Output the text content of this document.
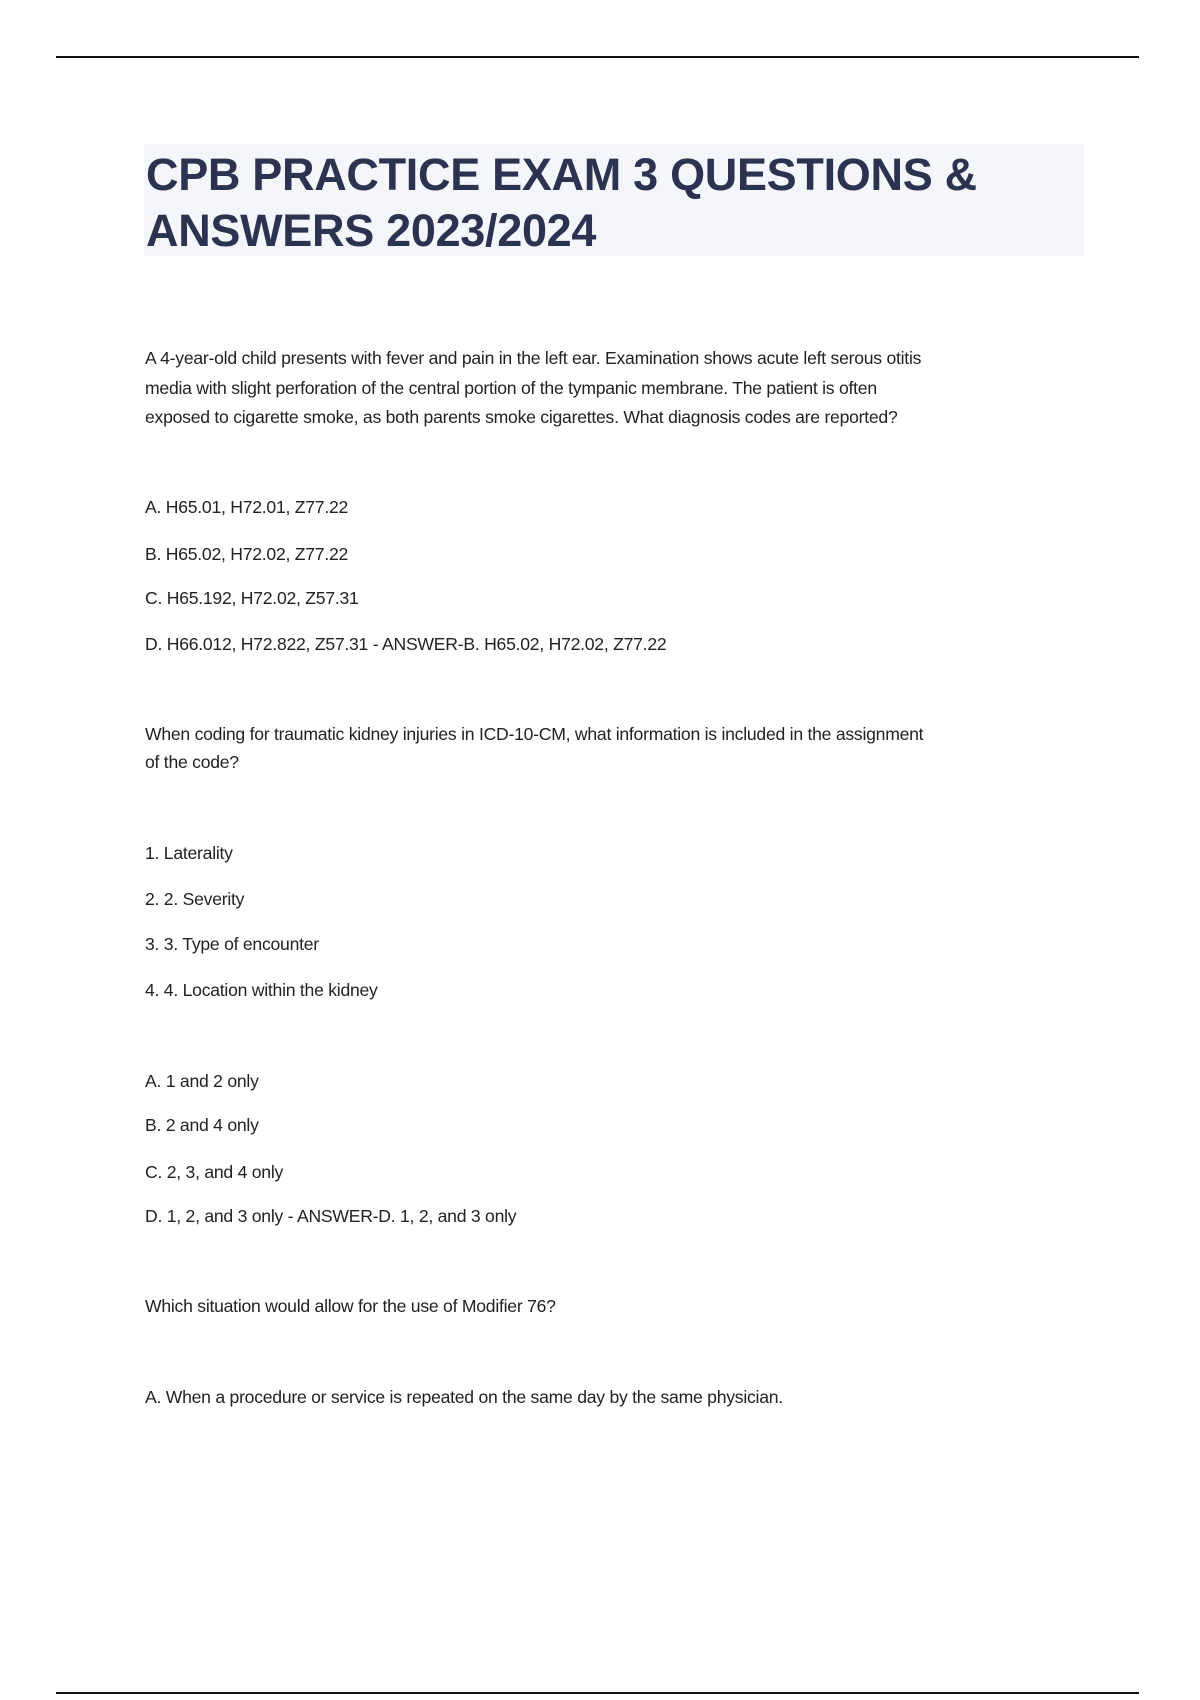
CPB PRACTICE EXAM 3 QUESTIONS &
ANSWERS 2023/2024
A 4-year-old child presents with fever and pain in the left ear. Examination shows acute left serous otitis
media with slight perforation of the central portion of the tympanic membrane. The patient is often
exposed to cigarette smoke, as both parents smoke cigarettes. What diagnosis codes are reported?
A. H65.01, H72.01, Z77.22
B. H65.02, H72.02, Z77.22
C. H65.192, H72.02, Z57.31
D. H66.012, H72.822, Z57.31 - ANSWER-B. H65.02, H72.02, Z77.22
When coding for traumatic kidney injuries in ICD-10-CM, what information is included in the assignment
of the code?
1. Laterality
2. 2. Severity
3. 3. Type of encounter
4. 4. Location within the kidney
A. 1 and 2 only
B. 2 and 4 only
C. 2, 3, and 4 only
D. 1, 2, and 3 only - ANSWER-D. 1, 2, and 3 only
Which situation would allow for the use of Modifier 76?
A. When a procedure or service is repeated on the same day by the same physician.
